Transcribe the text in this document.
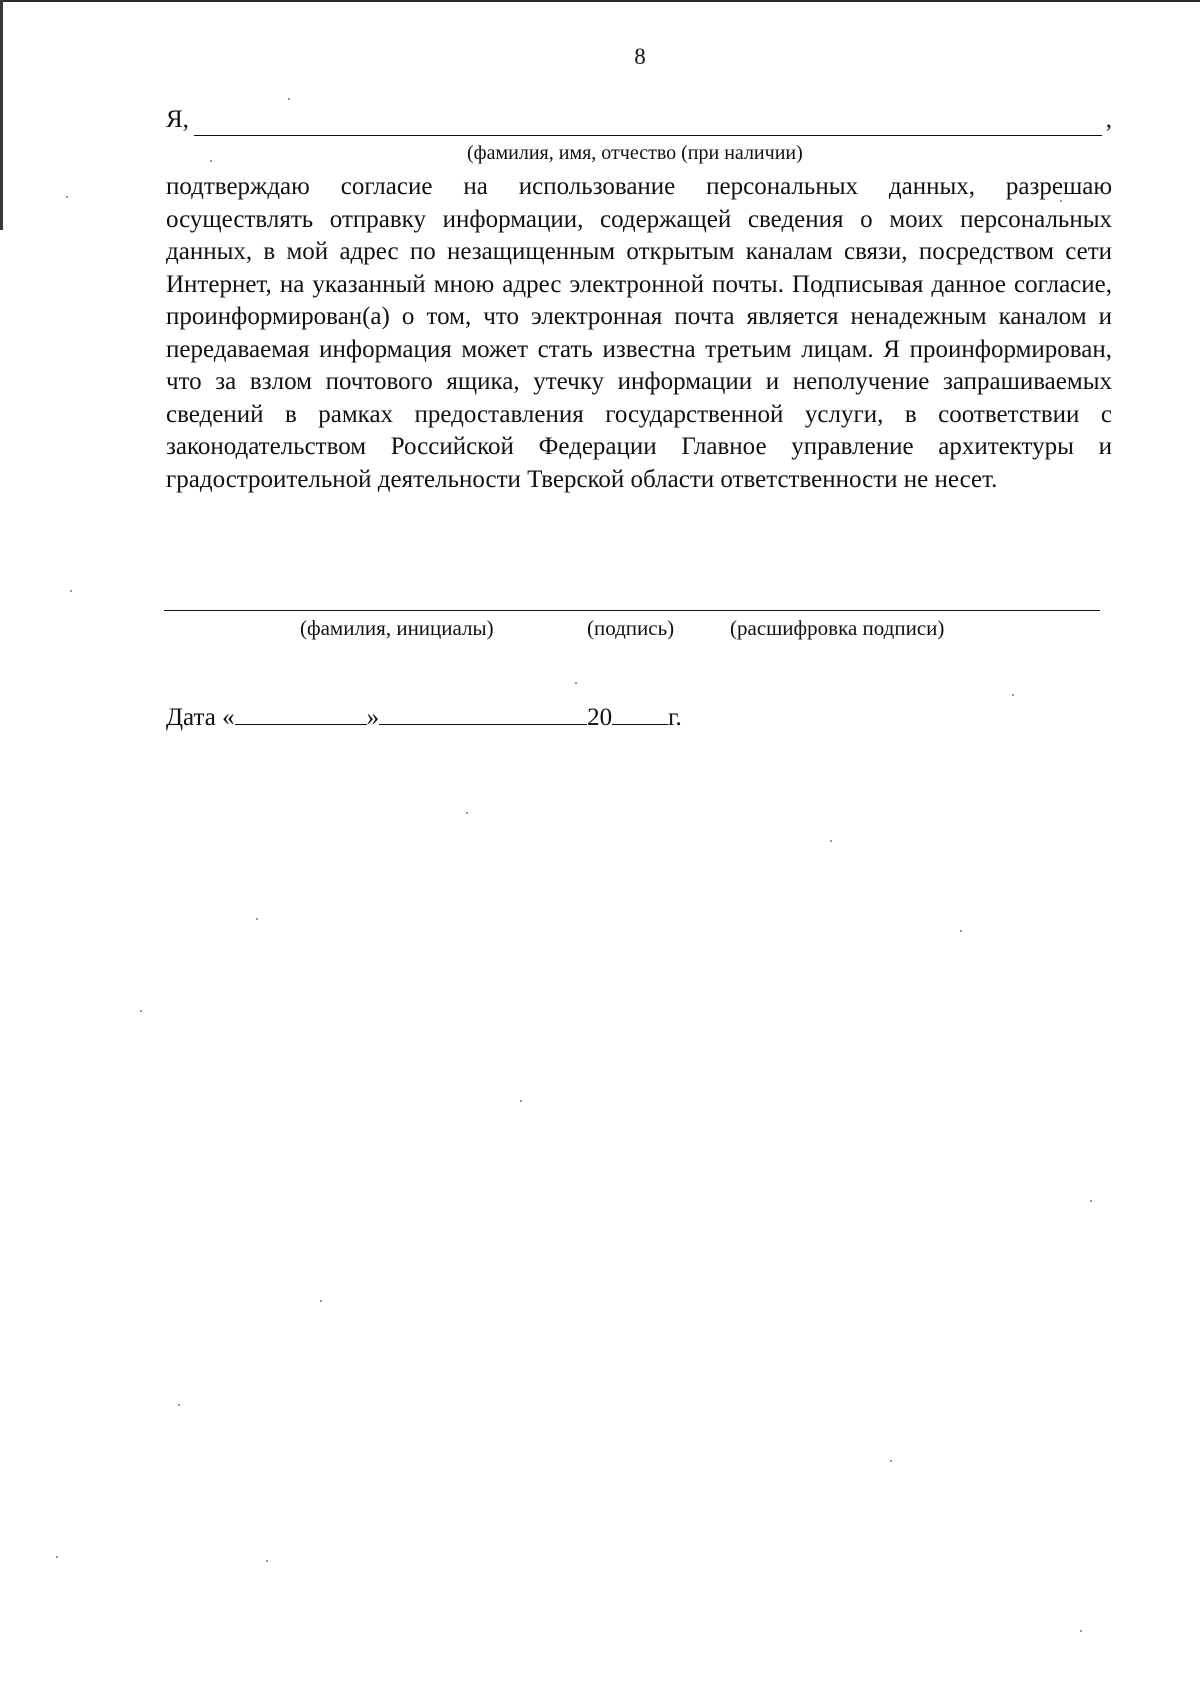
8
Я,	,
(фамилия, имя, отчество (при наличии)

подтверждаю согласие на использование персональных данных, разрешаю осуществлять отправку информации, содержащей сведения о моих персональных данных, в мой адрес по незащищенным открытым каналам связи, посредством сети Интернет, на указанный мною адрес электронной почты. Подписывая данное согласие, проинформирован(а) о том, что электронная почта является ненадежным каналом и передаваемая информация может стать известна третьим лицам. Я проинформирован, что за взлом почтового ящика, утечку информации и неполучение запрашиваемых сведений в рамках предоставления государственной услуги, в соответствии с законодательством Российской Федерации Главное управление архитектуры и градостроительной деятельности Тверской области ответственности не несет.

(фамилия, инициалы)	(подпись)	(расшифровка подписи)
Дата «	»	20 г.
